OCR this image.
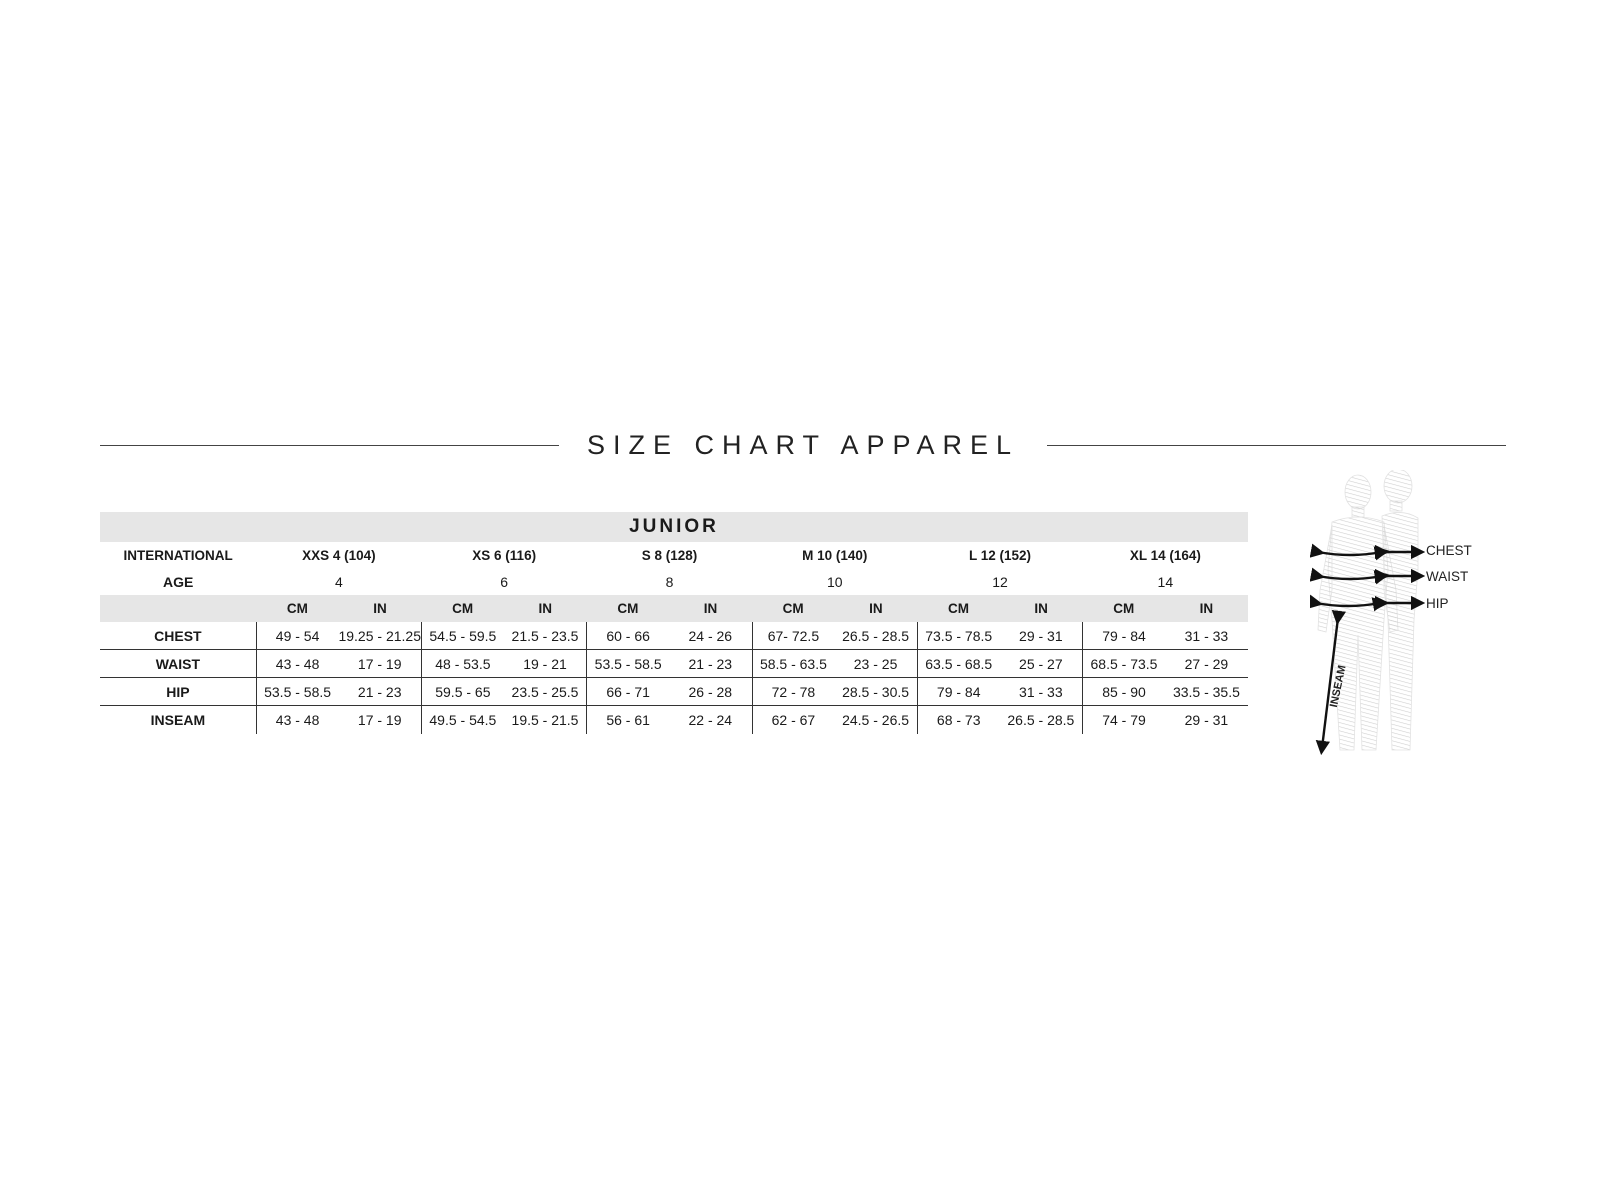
SIZE CHART APPAREL
JUNIOR												
INTERNATIONAL	XXS 4 (104)		XS 6 (116)		S 8 (128)		M 10 (140)		L 12 (152)		XL 14 (164)	
AGE	4		6		8		10		12		14	
	CM	IN	CM	IN	CM	IN	CM	IN	CM	IN	CM	IN
CHEST	49 - 54	19.25 - 21.25	54.5 - 59.5	21.5 - 23.5	60 - 66	24 - 26	67- 72.5	26.5 - 28.5	73.5 - 78.5	29 - 31	79 - 84	31 - 33
WAIST	43 - 48	17 - 19	48 - 53.5	19 - 21	53.5 - 58.5	21 - 23	58.5 - 63.5	23 - 25	63.5 - 68.5	25 - 27	68.5 - 73.5	27 - 29
HIP	53.5 - 58.5	21 - 23	59.5 - 65	23.5 - 25.5	66 - 71	26 - 28	72 - 78	28.5 - 30.5	79 - 84	31 - 33	85 - 90	33.5 - 35.5
INSEAM	43 - 48	17 - 19	49.5 - 54.5	19.5 - 21.5	56 - 61	22 - 24	62 - 67	24.5 - 26.5	68 - 73	26.5 - 28.5	74 - 79	29 - 31
CHEST
WAIST
HIP
INSEAM
